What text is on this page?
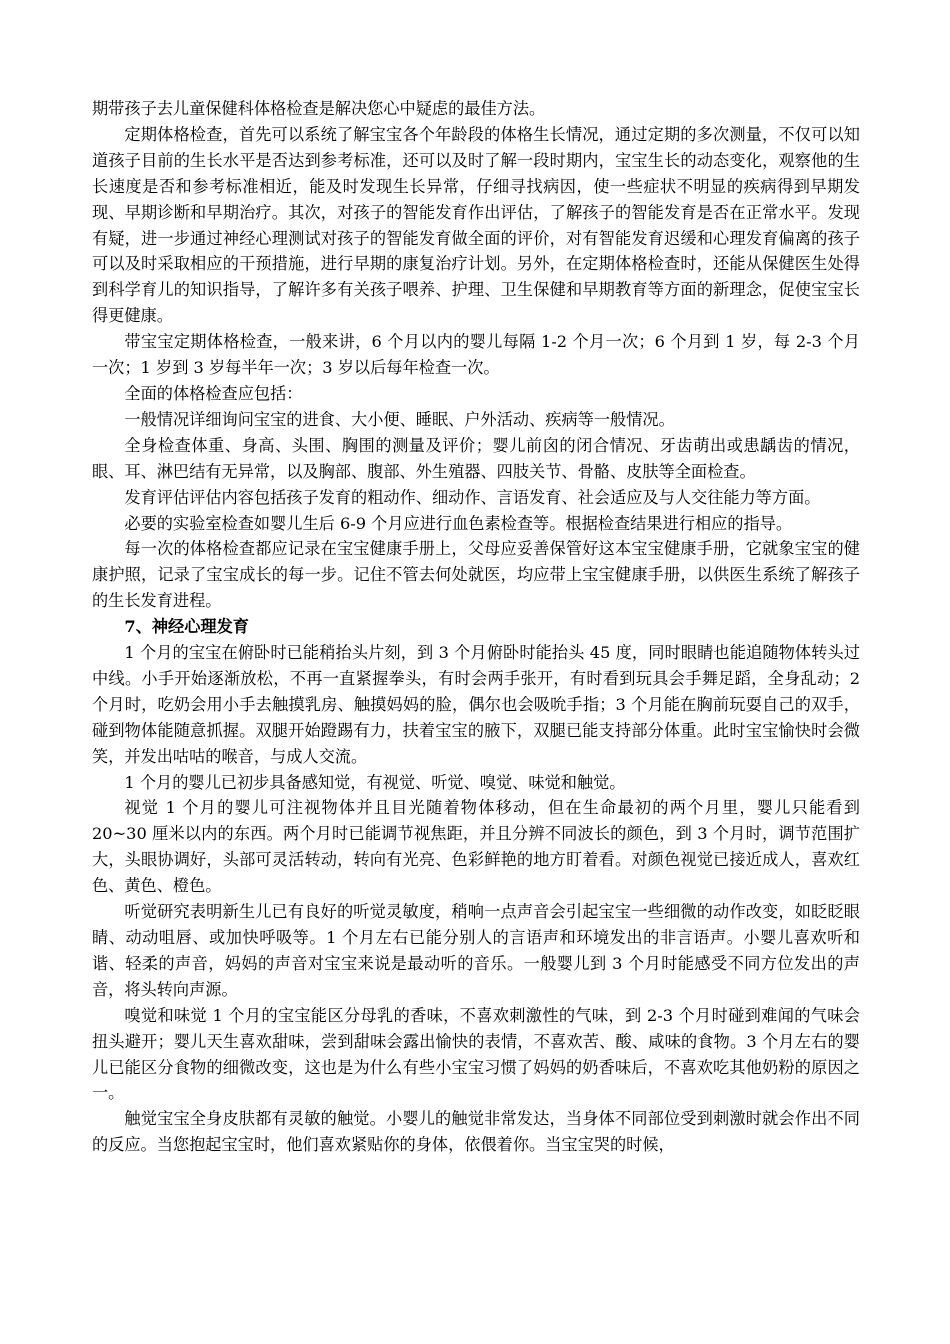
期带孩子去儿童保健科体格检查是解决您心中疑虑的最佳方法。

定期体格检查，首先可以系统了解宝宝各个年龄段的体格生长情况，通过定期的多次测量，不仅可以知道孩子目前的生长水平是否达到参考标准，还可以及时了解一段时期内，宝宝生长的动态变化，观察他的生长速度是否和参考标准相近，能及时发现生长异常，仔细寻找病因，使一些症状不明显的疾病得到早期发现、早期诊断和早期治疗。其次，对孩子的智能发育作出评估，了解孩子的智能发育是否在正常水平。发现有疑，进一步通过神经心理测试对孩子的智能发育做全面的评价，对有智能发育迟缓和心理发育偏离的孩子可以及时采取相应的干预措施，进行早期的康复治疗计划。另外，在定期体格检查时，还能从保健医生处得到科学育儿的知识指导，了解许多有关孩子喂养、护理、卫生保健和早期教育等方面的新理念，促使宝宝长得更健康。

带宝宝定期体格检查，一般来讲，6 个月以内的婴儿每隔 1-2 个月一次；6 个月到 1 岁，每 2-3 个月一次；1 岁到 3 岁每半年一次；3 岁以后每年检查一次。

全面的体格检查应包括：

一般情况详细询问宝宝的进食、大小便、睡眠、户外活动、疾病等一般情况。

全身检查体重、身高、头围、胸围的测量及评价；婴儿前囟的闭合情况、牙齿萌出或患龋齿的情况，眼、耳、淋巴结有无异常，以及胸部、腹部、外生殖器、四肢关节、骨骼、皮肤等全面检查。

发育评估评估内容包括孩子发育的粗动作、细动作、言语发育、社会适应及与人交往能力等方面。

必要的实验室检查如婴儿生后 6-9 个月应进行血色素检查等。根据检查结果进行相应的指导。

每一次的体格检查都应记录在宝宝健康手册上，父母应妥善保管好这本宝宝健康手册，它就象宝宝的健康护照，记录了宝宝成长的每一步。记住不管去何处就医，均应带上宝宝健康手册，以供医生系统了解孩子的生长发育进程。

7、神经心理发育

1 个月的宝宝在俯卧时已能稍抬头片刻，到 3 个月俯卧时能抬头 45 度，同时眼睛也能追随物体转头过中线。小手开始逐渐放松，不再一直紧握拳头，有时会两手张开，有时看到玩具会手舞足蹈，全身乱动；2 个月时，吃奶会用小手去触摸乳房、触摸妈妈的脸，偶尔也会吸吮手指；3 个月能在胸前玩耍自己的双手，碰到物体能随意抓握。双腿开始蹬踢有力，扶着宝宝的腋下，双腿已能支持部分体重。此时宝宝愉快时会微笑，并发出咕咕的喉音，与成人交流。

1 个月的婴儿已初步具备感知觉，有视觉、听觉、嗅觉、味觉和触觉。

视觉 1 个月的婴儿可注视物体并且目光随着物体移动，但在生命最初的两个月里，婴儿只能看到 20~30 厘米以内的东西。两个月时已能调节视焦距，并且分辨不同波长的颜色，到 3 个月时，调节范围扩大，头眼协调好，头部可灵活转动，转向有光亮、色彩鲜艳的地方盯着看。对颜色视觉已接近成人，喜欢红色、黄色、橙色。

听觉研究表明新生儿已有良好的听觉灵敏度，稍响一点声音会引起宝宝一些细微的动作改变，如眨眨眼睛、动动咀唇、或加快呼吸等。1 个月左右已能分别人的言语声和环境发出的非言语声。小婴儿喜欢听和谐、轻柔的声音，妈妈的声音对宝宝来说是最动听的音乐。一般婴儿到 3 个月时能感受不同方位发出的声音，将头转向声源。

嗅觉和味觉 1 个月的宝宝能区分母乳的香味，不喜欢刺激性的气味，到 2-3 个月时碰到难闻的气味会扭头避开；婴儿天生喜欢甜味，尝到甜味会露出愉快的表情，不喜欢苦、酸、咸味的食物。3 个月左右的婴儿已能区分食物的细微改变，这也是为什么有些小宝宝习惯了妈妈的奶香味后，不喜欢吃其他奶粉的原因之一。

触觉宝宝全身皮肤都有灵敏的触觉。小婴儿的触觉非常发达，当身体不同部位受到刺激时就会作出不同的反应。当您抱起宝宝时，他们喜欢紧贴你的身体，依偎着你。当宝宝哭的时候，
